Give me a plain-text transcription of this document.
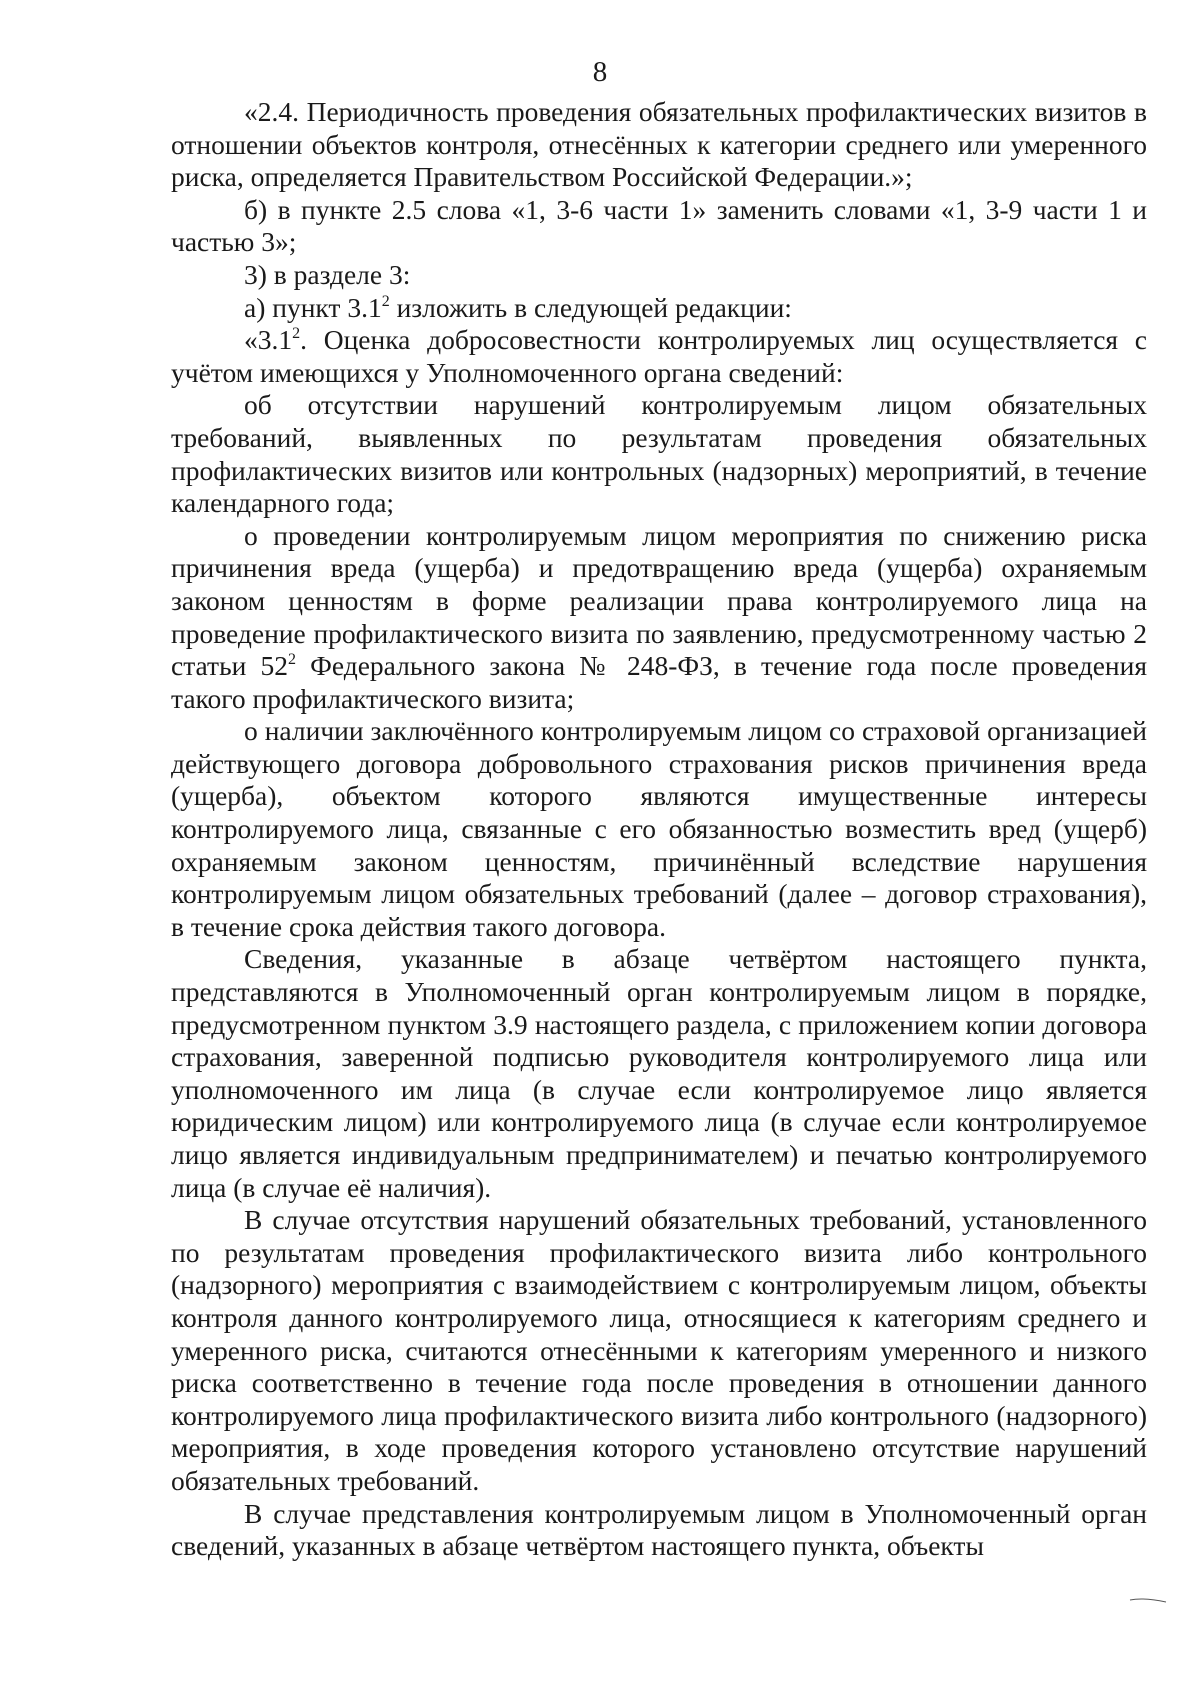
8

«2.4. Периодичность проведения обязательных профилактических визитов в отношении объектов контроля, отнесённых к категории среднего или умеренного риска, определяется Правительством Российской Федерации.»;

б) в пункте 2.5 слова «1, 3-6 части 1» заменить словами «1, 3-9 части 1 и частью 3»;

3) в разделе 3:

а) пункт $3.1^2$ изложить в следующей редакции:

«$3.1^2$. Оценка добросовестности контролируемых лиц осуществляется с учётом имеющихся у Уполномоченного органа сведений:

об отсутствии нарушений контролируемым лицом обязательных требований, выявленных по результатам проведения обязательных профилактических визитов или контрольных (надзорных) мероприятий, в течение календарного года;

о проведении контролируемым лицом мероприятия по снижению риска причинения вреда (ущерба) и предотвращению вреда (ущерба) охраняемым законом ценностям в форме реализации права контролируемого лица на проведение профилактического визита по заявлению, предусмотренному частью 2 статьи $52^2$ Федерального закона № 248-ФЗ, в течение года после проведения такого профилактического визита;

о наличии заключённого контролируемым лицом со страховой организацией действующего договора добровольного страхования рисков причинения вреда (ущерба), объектом которого являются имущественные интересы контролируемого лица, связанные с его обязанностью возместить вред (ущерб) охраняемым законом ценностям, причинённый вследствие нарушения контролируемым лицом обязательных требований (далее – договор страхования), в течение срока действия такого договора.

Сведения, указанные в абзаце четвёртом настоящего пункта, представляются в Уполномоченный орган контролируемым лицом в порядке, предусмотренном пунктом 3.9 настоящего раздела, с приложением копии договора страхования, заверенной подписью руководителя контролируемого лица или уполномоченного им лица (в случае если контролируемое лицо является юридическим лицом) или контролируемого лица (в случае если контролируемое лицо является индивидуальным предпринимателем) и печатью контролируемого лица (в случае её наличия).

В случае отсутствия нарушений обязательных требований, установленного по результатам проведения профилактического визита либо контрольного (надзорного) мероприятия с взаимодействием с контролируемым лицом, объекты контроля данного контролируемого лица, относящиеся к категориям среднего и умеренного риска, считаются отнесёнными к категориям умеренного и низкого риска соответственно в течение года после проведения в отношении данного контролируемого лица профилактического визита либо контрольного (надзорного) мероприятия, в ходе проведения которого установлено отсутствие нарушений обязательных требований.

В случае представления контролируемым лицом в Уполномоченный орган сведений, указанных в абзаце четвёртом настоящего пункта, объекты
